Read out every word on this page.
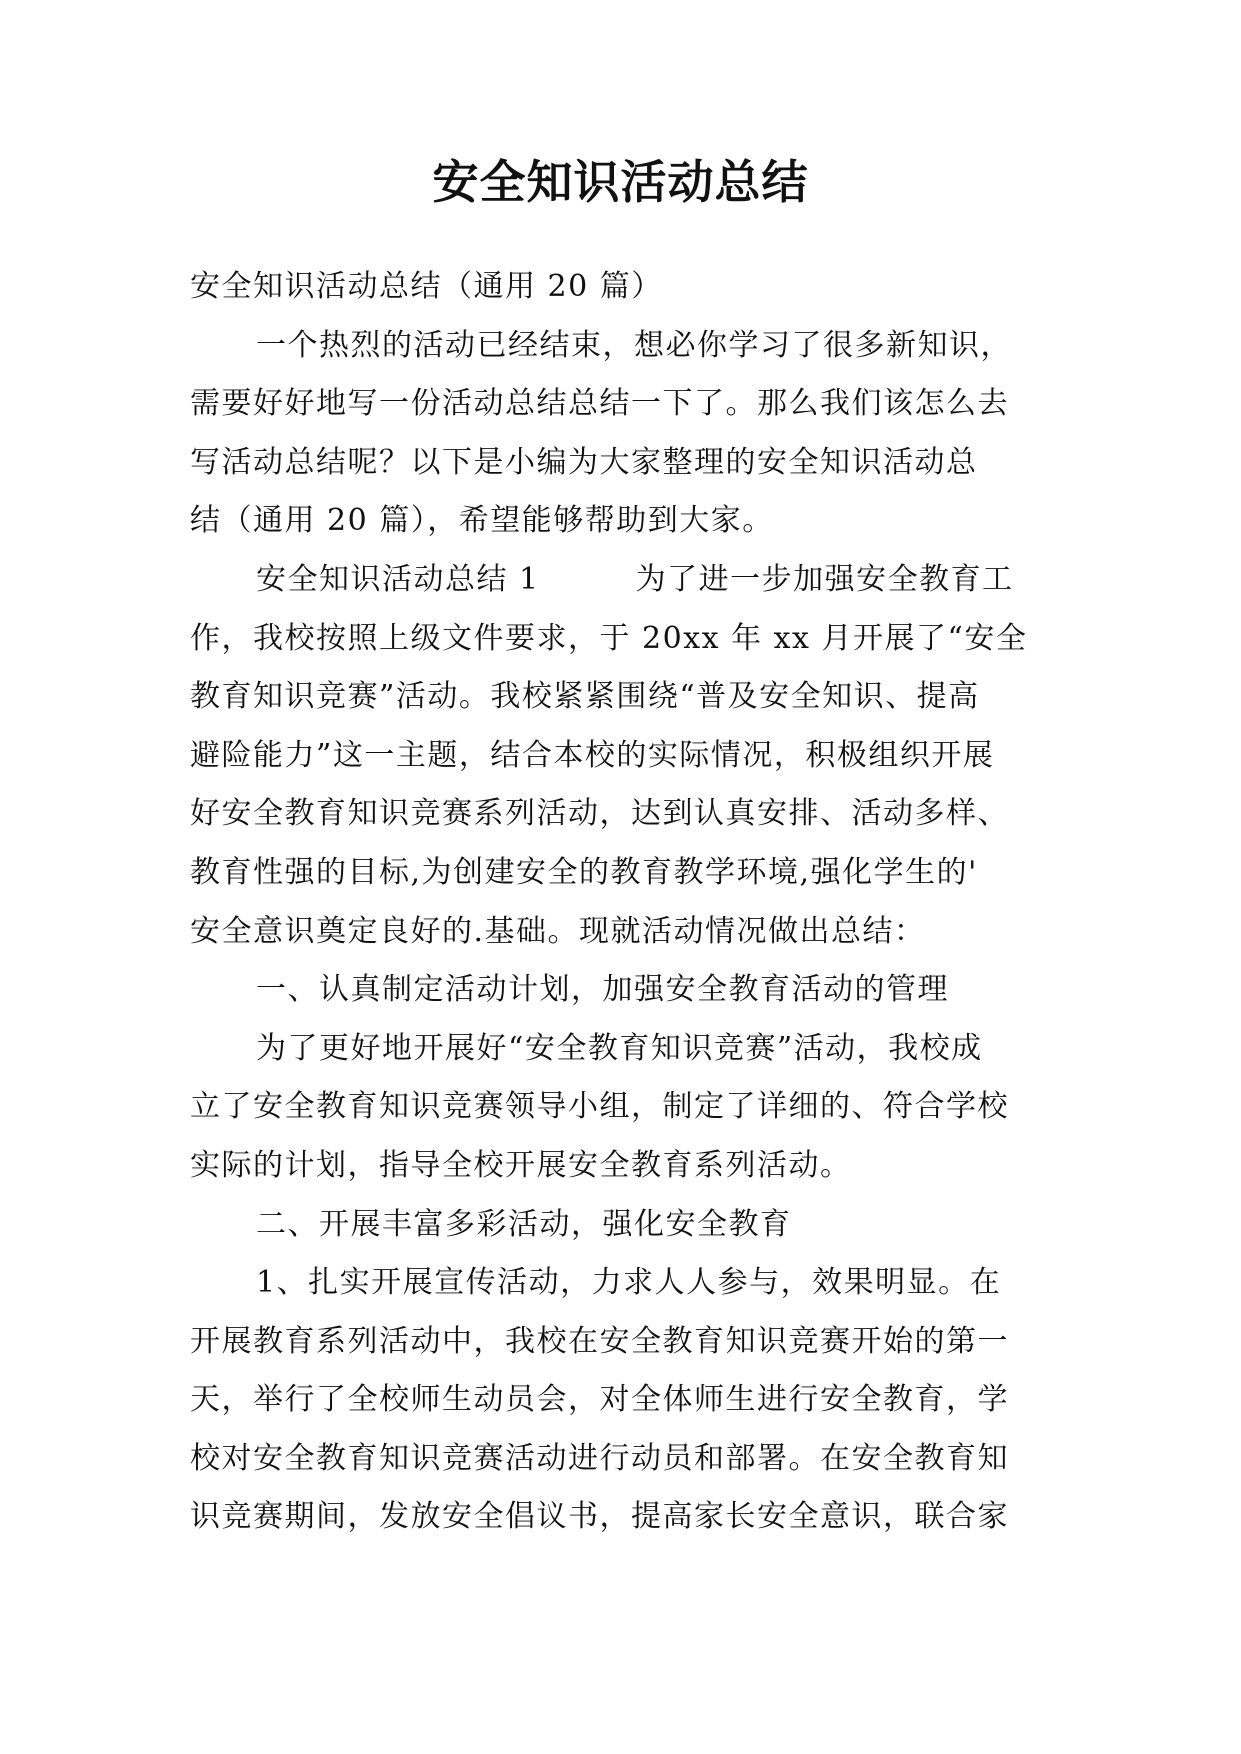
安全知识活动总结
安全知识活动总结（通用 20 篇）
一个热烈的活动已经结束，想必你学习了很多新知识，
需要好好地写一份活动总结总结一下了。那么我们该怎么去
写活动总结呢？以下是小编为大家整理的安全知识活动总
结（通用 20 篇），希望能够帮助到大家。
安全知识活动总结 1	为了进一步加强安全教育工
作，我校按照上级文件要求，于 20xx 年 xx 月开展了“安全
教育知识竞赛”活动。我校紧紧围绕“普及安全知识、提高
避险能力”这一主题，结合本校的实际情况，积极组织开展
好安全教育知识竞赛系列活动，达到认真安排、活动多样、
教育性强的目标,为创建安全的教育教学环境,强化学生的'
安全意识奠定良好的.基础。现就活动情况做出总结：
一、认真制定活动计划，加强安全教育活动的管理
为了更好地开展好“安全教育知识竞赛”活动，我校成
立了安全教育知识竞赛领导小组，制定了详细的、符合学校
实际的计划，指导全校开展安全教育系列活动。
二、开展丰富多彩活动，强化安全教育
1、扎实开展宣传活动，力求人人参与，效果明显。在
开展教育系列活动中，我校在安全教育知识竞赛开始的第一
天，举行了全校师生动员会，对全体师生进行安全教育，学
校对安全教育知识竞赛活动进行动员和部署。在安全教育知
识竞赛期间，发放安全倡议书，提高家长安全意识，联合家
